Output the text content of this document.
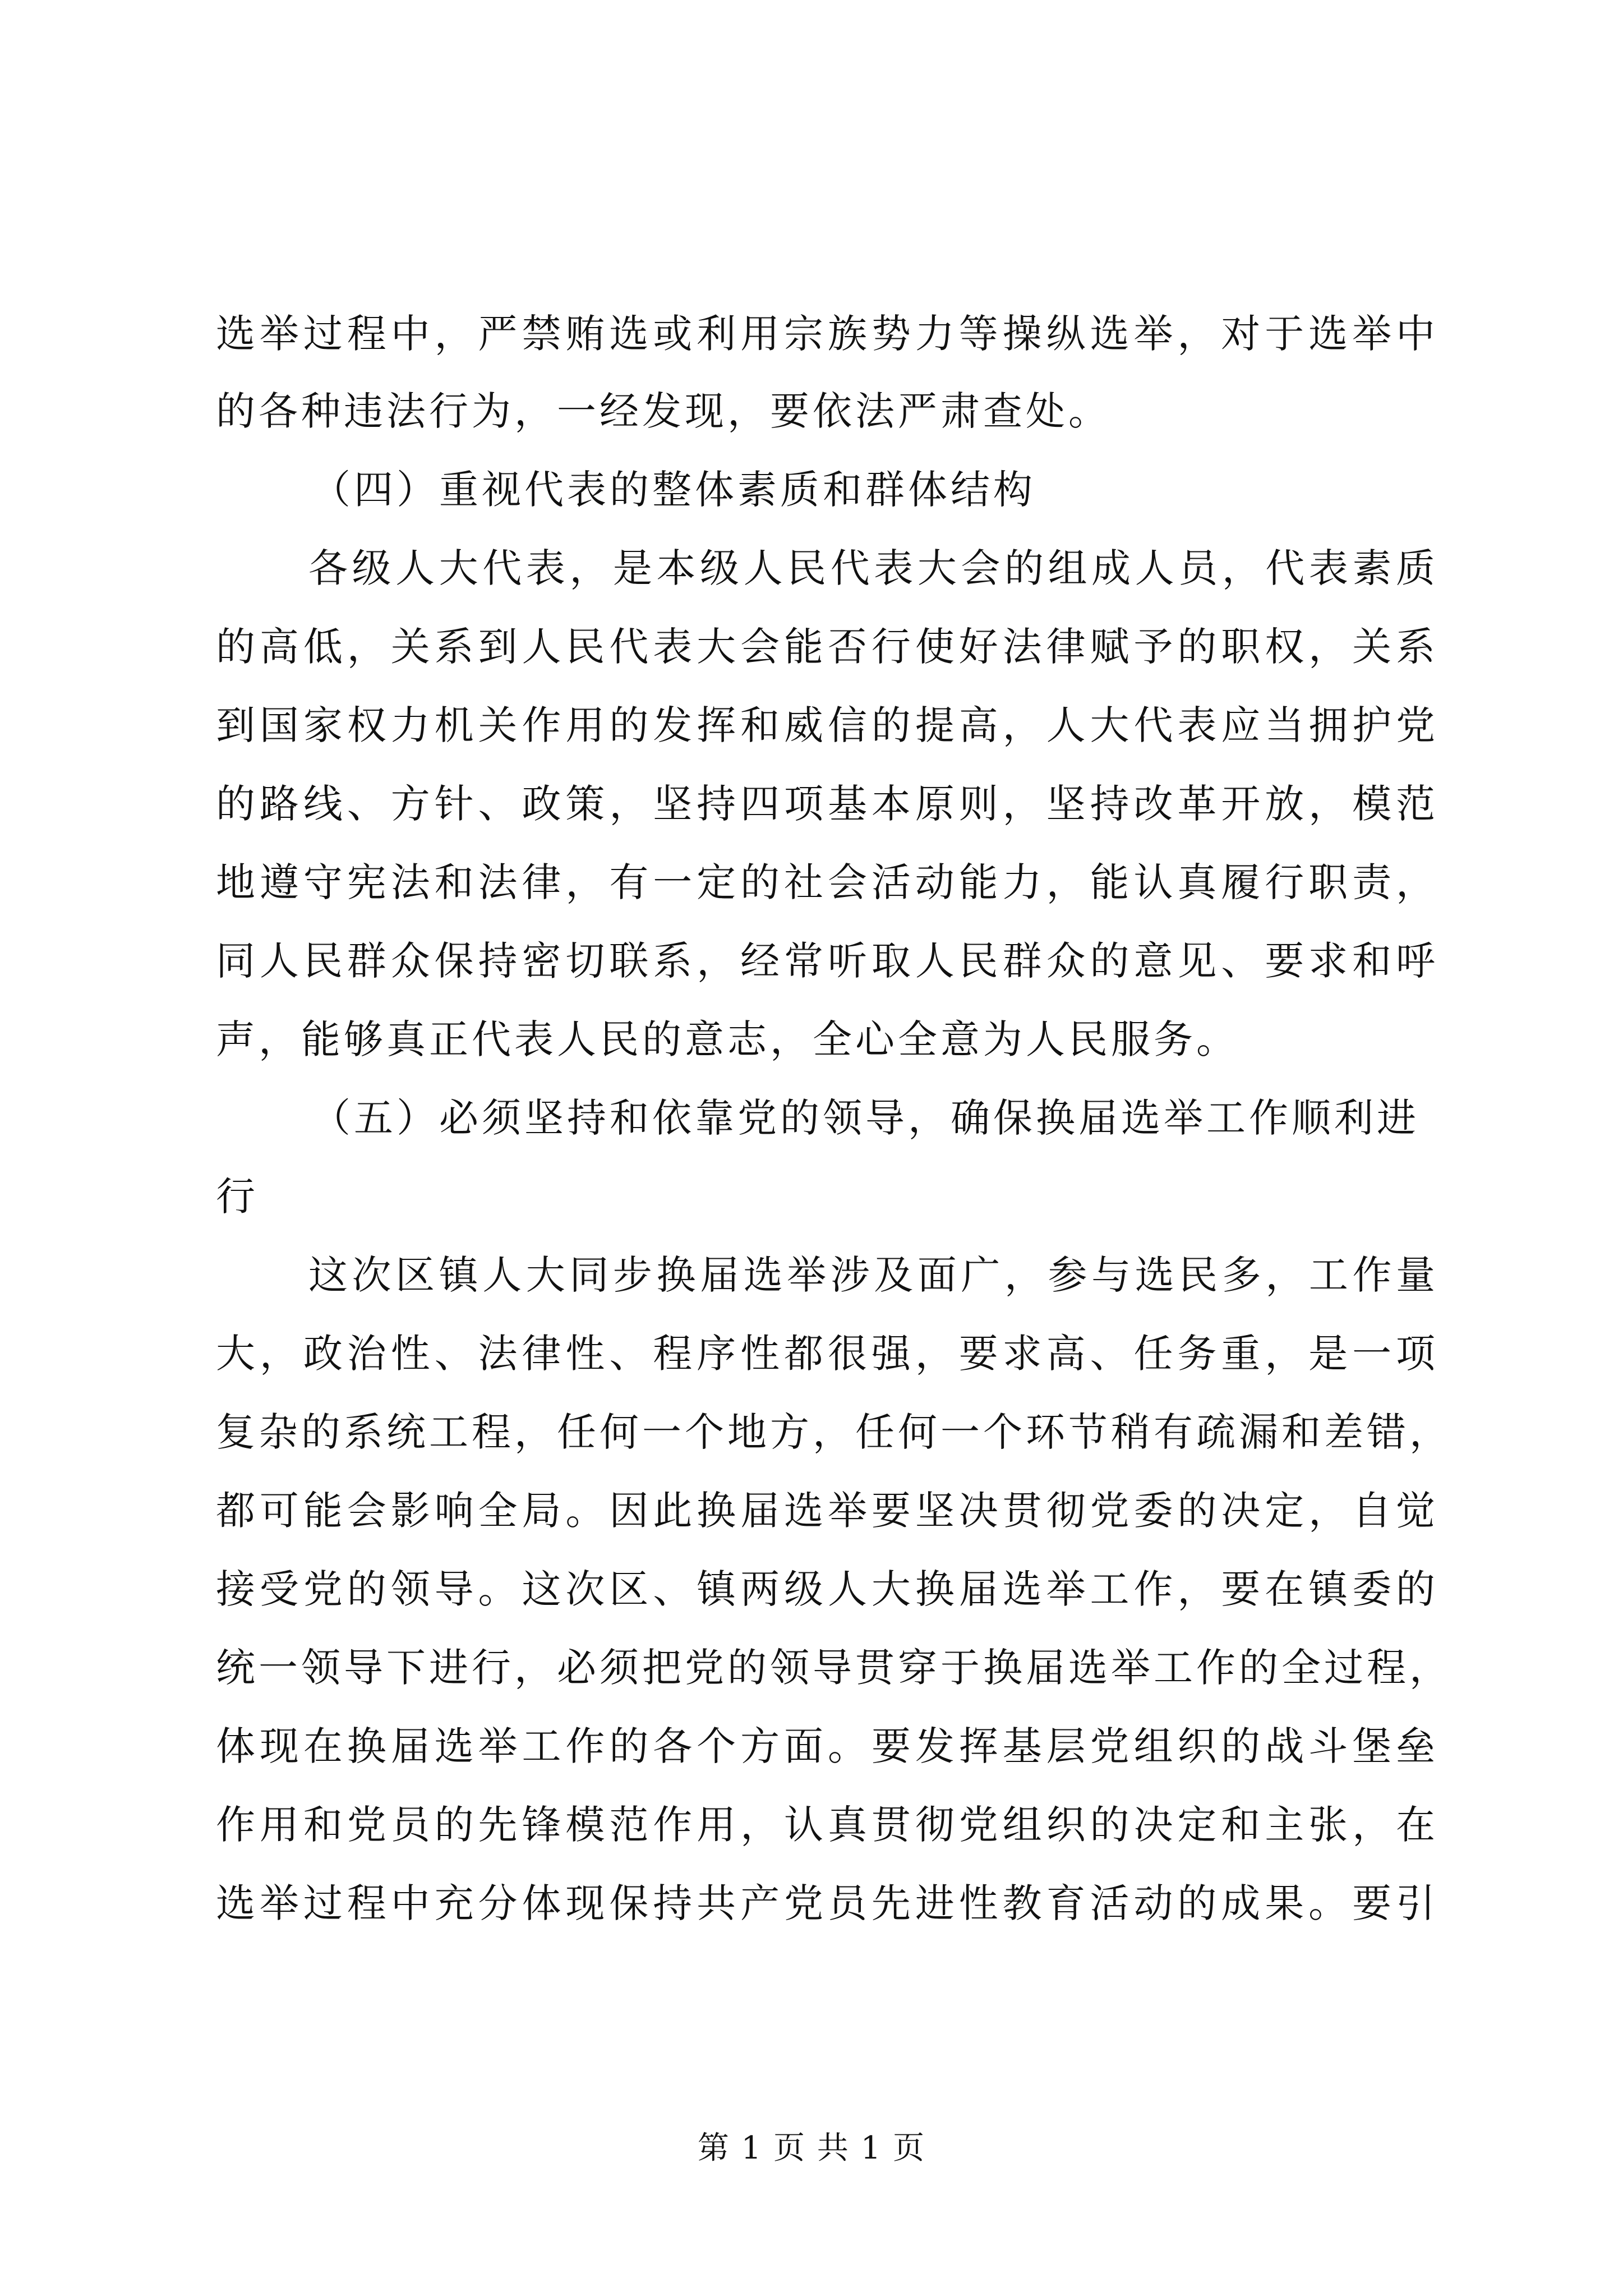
选举过程中，严禁贿选或利用宗族势力等操纵选举，对于选举中
的各种违法行为，一经发现，要依法严肃查处。
（四）重视代表的整体素质和群体结构
各级人大代表，是本级人民代表大会的组成人员，代表素质
的高低，关系到人民代表大会能否行使好法律赋予的职权，关系
到国家权力机关作用的发挥和威信的提高，人大代表应当拥护党
的路线、方针、政策，坚持四项基本原则，坚持改革开放，模范
地遵守宪法和法律，有一定的社会活动能力，能认真履行职责，
同人民群众保持密切联系，经常听取人民群众的意见、要求和呼
声，能够真正代表人民的意志，全心全意为人民服务。
（五）必须坚持和依靠党的领导，确保换届选举工作顺利进
行
这次区镇人大同步换届选举涉及面广，参与选民多，工作量
大，政治性、法律性、程序性都很强，要求高、任务重，是一项
复杂的系统工程，任何一个地方，任何一个环节稍有疏漏和差错，
都可能会影响全局。因此换届选举要坚决贯彻党委的决定，自觉
接受党的领导。这次区、镇两级人大换届选举工作，要在镇委的
统一领导下进行，必须把党的领导贯穿于换届选举工作的全过程，
体现在换届选举工作的各个方面。要发挥基层党组织的战斗堡垒
作用和党员的先锋模范作用，认真贯彻党组织的决定和主张，在
选举过程中充分体现保持共产党员先进性教育活动的成果。要引
第 1 页 共 1 页
